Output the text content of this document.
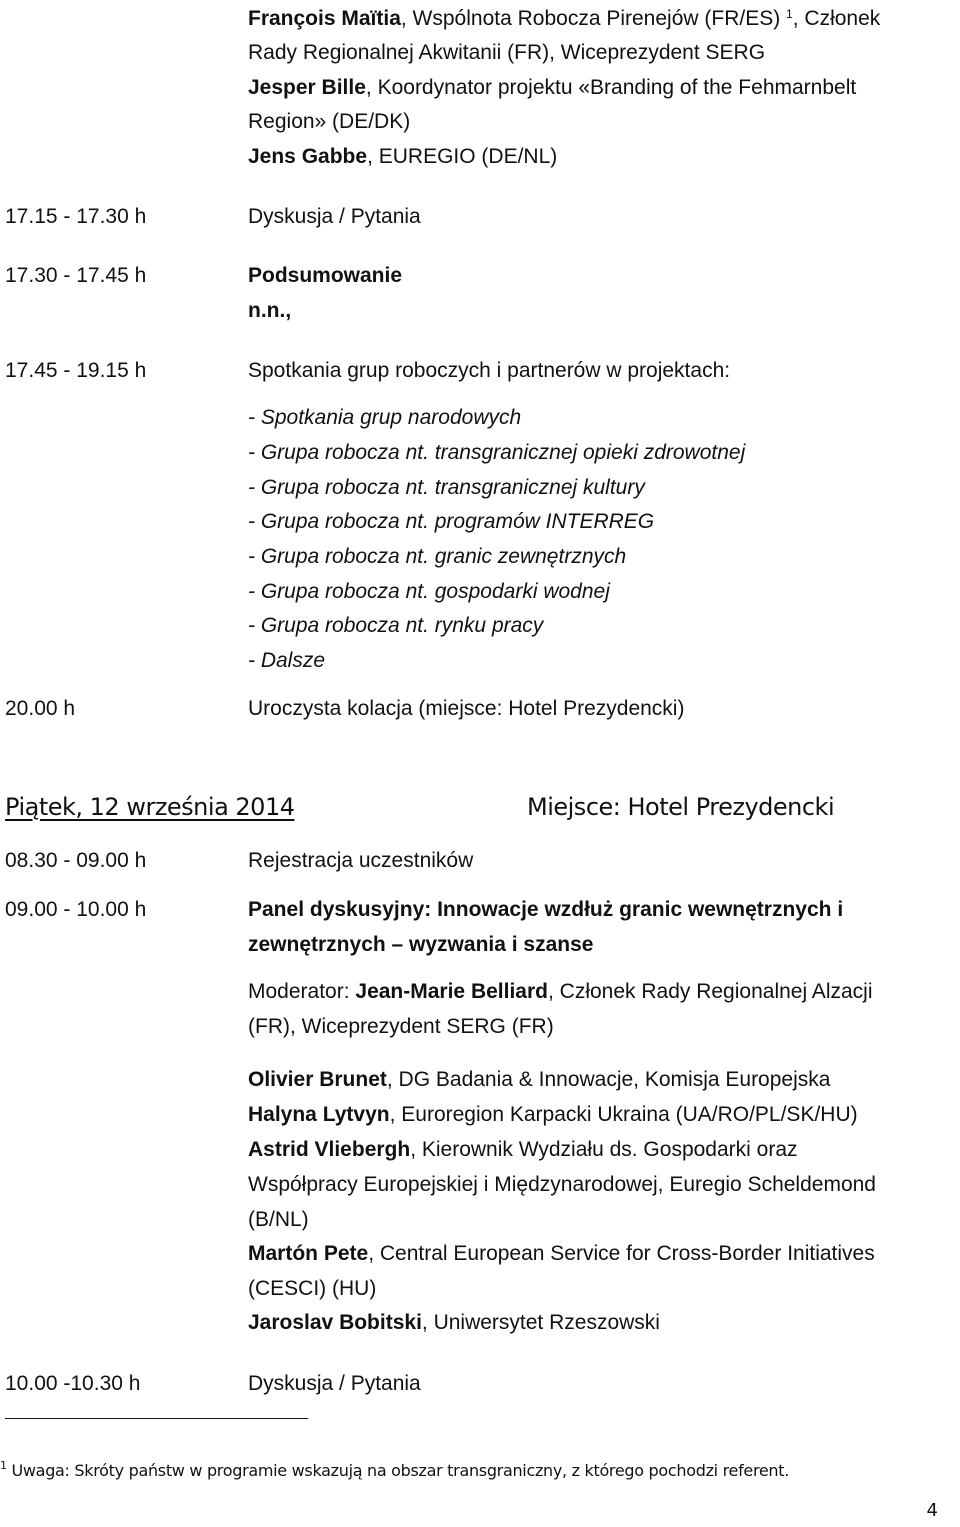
François Maïtia, Wspólnota Robocza Pirenejów (FR/ES) $^1$, Członek
Rady Regionalnej Akwitanii (FR), Wiceprezydent SERG
Jesper Bille, Koordynator projektu «Branding of the Fehmarnbelt
Region» (DE/DK)
Jens Gabbe, EUREGIO (DE/NL)
17.15 - 17.30 h	Dyskusja / Pytania
17.30 - 17.45 h	Podsumowanie
n.n.,
17.45 - 19.15 h	Spotkania grup roboczych i partnerów w projektach:
- Spotkania grup narodowych
- Grupa robocza nt. transgranicznej opieki zdrowotnej
- Grupa robocza nt. transgranicznej kultury
- Grupa robocza nt. programów INTERREG
- Grupa robocza nt. granic zewnętrznych
- Grupa robocza nt. gospodarki wodnej
- Grupa robocza nt. rynku pracy
- Dalsze
20.00 h	Uroczysta kolacja (miejsce: Hotel Prezydencki)
Piątek, 12 września 2014	Miejsce: Hotel Prezydencki
08.30 - 09.00 h	Rejestracja uczestników
09.00 - 10.00 h	Panel dyskusyjny: Innowacje wzdłuż granic wewnętrznych i
zewnętrznych – wyzwania i szanse
Moderator: Jean-Marie Belliard, Członek Rady Regionalnej Alzacji
(FR), Wiceprezydent SERG (FR)
Olivier Brunet, DG Badania & Innowacje, Komisja Europejska
Halyna Lytvyn, Euroregion Karpacki Ukraina (UA/RO/PL/SK/HU)
Astrid Vliebergh, Kierownik Wydziału ds. Gospodarki oraz
Współpracy Europejskiej i Międzynarodowej, Euregio Scheldemond
(B/NL)
Martón Pete, Central European Service for Cross-Border Initiatives
(CESCI) (HU)
Jaroslav Bobitski, Uniwersytet Rzeszowski
10.00 -10.30 h	Dyskusja / Pytania
$^1$ Uwaga: Skróty państw w programie wskazują na obszar transgraniczny, z którego pochodzi referent.
4
